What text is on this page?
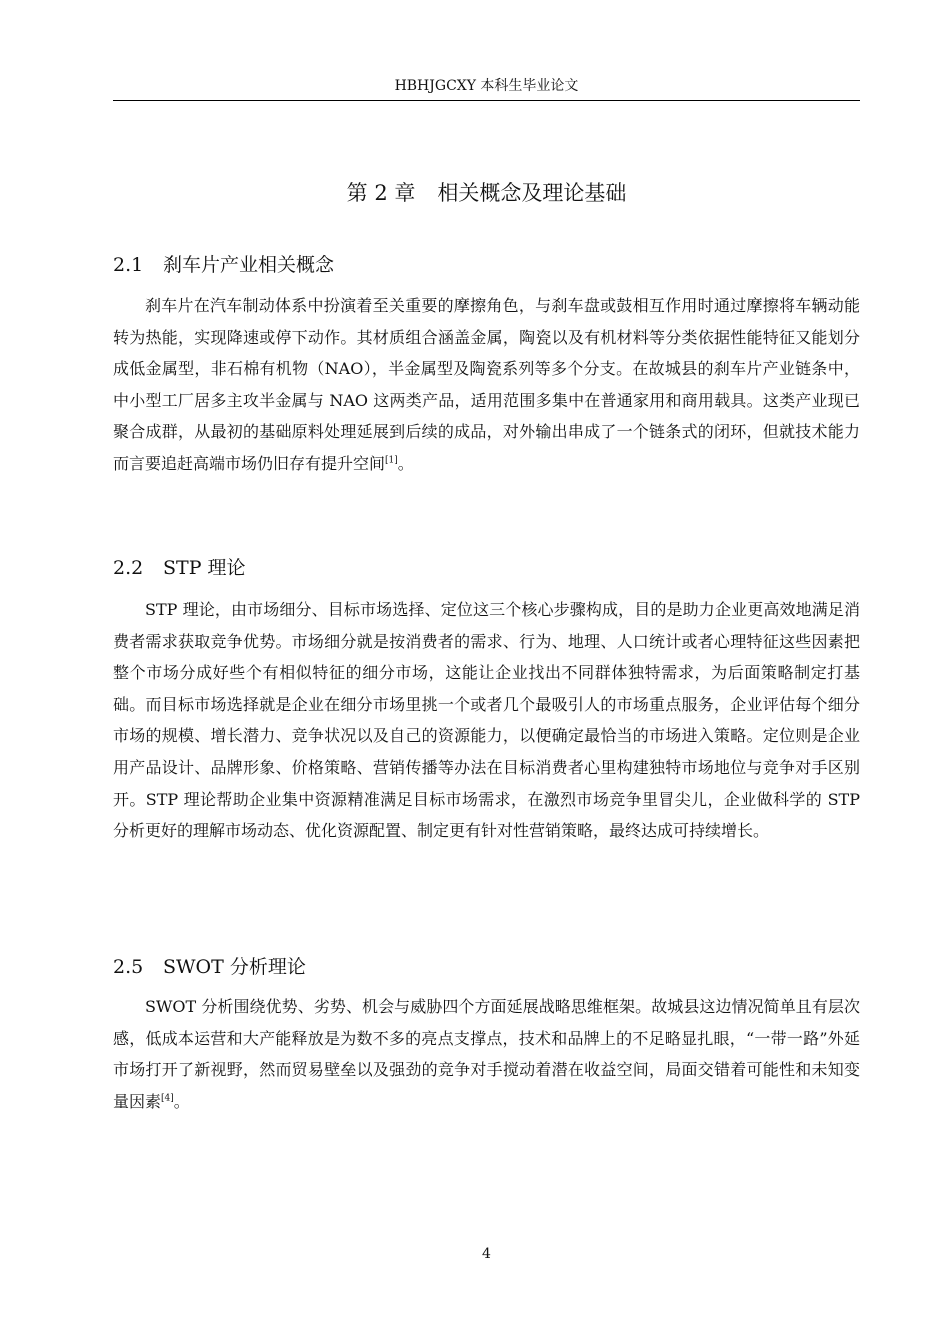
HBHJGCXY 本科生毕业论文
第 2 章 相关概念及理论基础
2.1 刹车片产业相关概念

刹车片在汽车制动体系中扮演着至关重要的摩擦角色，与刹车盘或鼓相互作用时通过摩擦将车辆动能转为热能，实现降速或停下动作。其材质组合涵盖金属，陶瓷以及有机材料等分类依据性能特征又能划分成低金属型，非石棉有机物（NAO），半金属型及陶瓷系列等多个分支。在故城县的刹车片产业链条中，中小型工厂居多主攻半金属与 NAO 这两类产品，适用范围多集中在普通家用和商用载具。这类产业现已聚合成群，从最初的基础原料处理延展到后续的成品，对外输出串成了一个链条式的闭环，但就技术能力而言要追赶高端市场仍旧存有提升空间[1]。

2.2 STP 理论

STP 理论，由市场细分、目标市场选择、定位这三个核心步骤构成，目的是助力企业更高效地满足消费者需求获取竞争优势。市场细分就是按消费者的需求、行为、地理、人口统计或者心理特征这些因素把整个市场分成好些个有相似特征的细分市场，这能让企业找出不同群体独特需求，为后面策略制定打基础。而目标市场选择就是企业在细分市场里挑一个或者几个最吸引人的市场重点服务，企业评估每个细分市场的规模、增长潜力、竞争状况以及自己的资源能力，以便确定最恰当的市场进入策略。定位则是企业用产品设计、品牌形象、价格策略、营销传播等办法在目标消费者心里构建独特市场地位与竞争对手区别开。STP 理论帮助企业集中资源精准满足目标市场需求，在激烈市场竞争里冒尖儿，企业做科学的 STP 分析更好的理解市场动态、优化资源配置、制定更有针对性营销策略，最终达成可持续增长。

2.5 SWOT 分析理论

SWOT 分析围绕优势、劣势、机会与威胁四个方面延展战略思维框架。故城县这边情况简单且有层次感，低成本运营和大产能释放是为数不多的亮点支撑点，技术和品牌上的不足略显扎眼，“一带一路”外延市场打开了新视野，然而贸易壁垒以及强劲的竞争对手搅动着潜在收益空间，局面交错着可能性和未知变量因素[4]。

4
